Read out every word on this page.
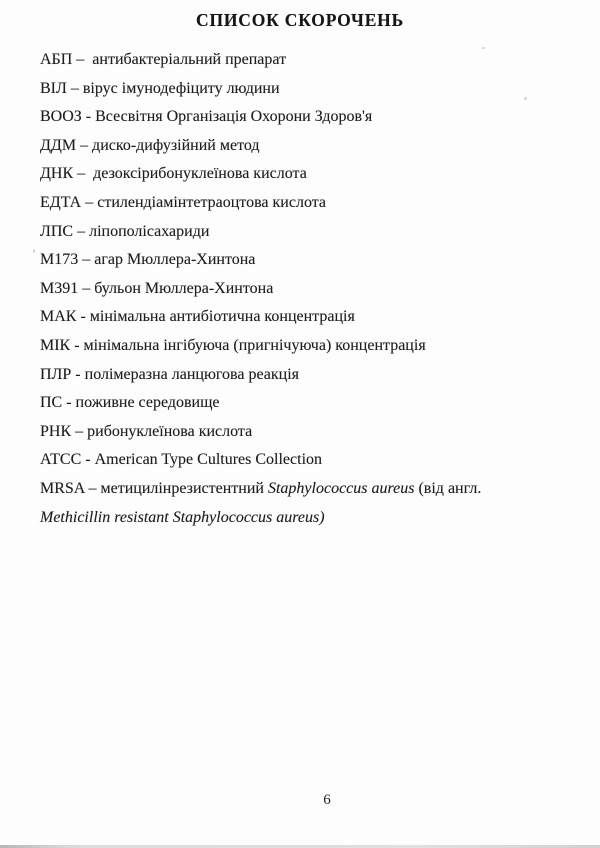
СПИСОК СКОРОЧЕНЬ
АБП –  антибактеріальний препарат
ВІЛ – вірус імунодефіциту людини
ВООЗ - Всесвітня Організація Охорони Здоров'я
ДДМ – диско-дифузійний метод
ДНК –  дезоксірибонуклеїнова кислота
ЕДТА – стилендіамінтетраоцтова кислота
ЛПС – ліпополісахариди
М173 – агар Мюллера-Хинтона
М391 – бульон Мюллера-Хинтона
МАК - мінімальна антибіотична концентрація
МІК - мінімальна інгібуюча (пригнічуюча) концентрація
ПЛР - полімеразна ланцюгова реакція
ПС - поживне середовище
РНК – рибонуклеїнова кислота
АТСС - American Type Cultures Collection
MRSA – метицилінрезистентний Staphylococcus aureus (від англ.
Methicillin resistant Staphylococcus aureus)
6
